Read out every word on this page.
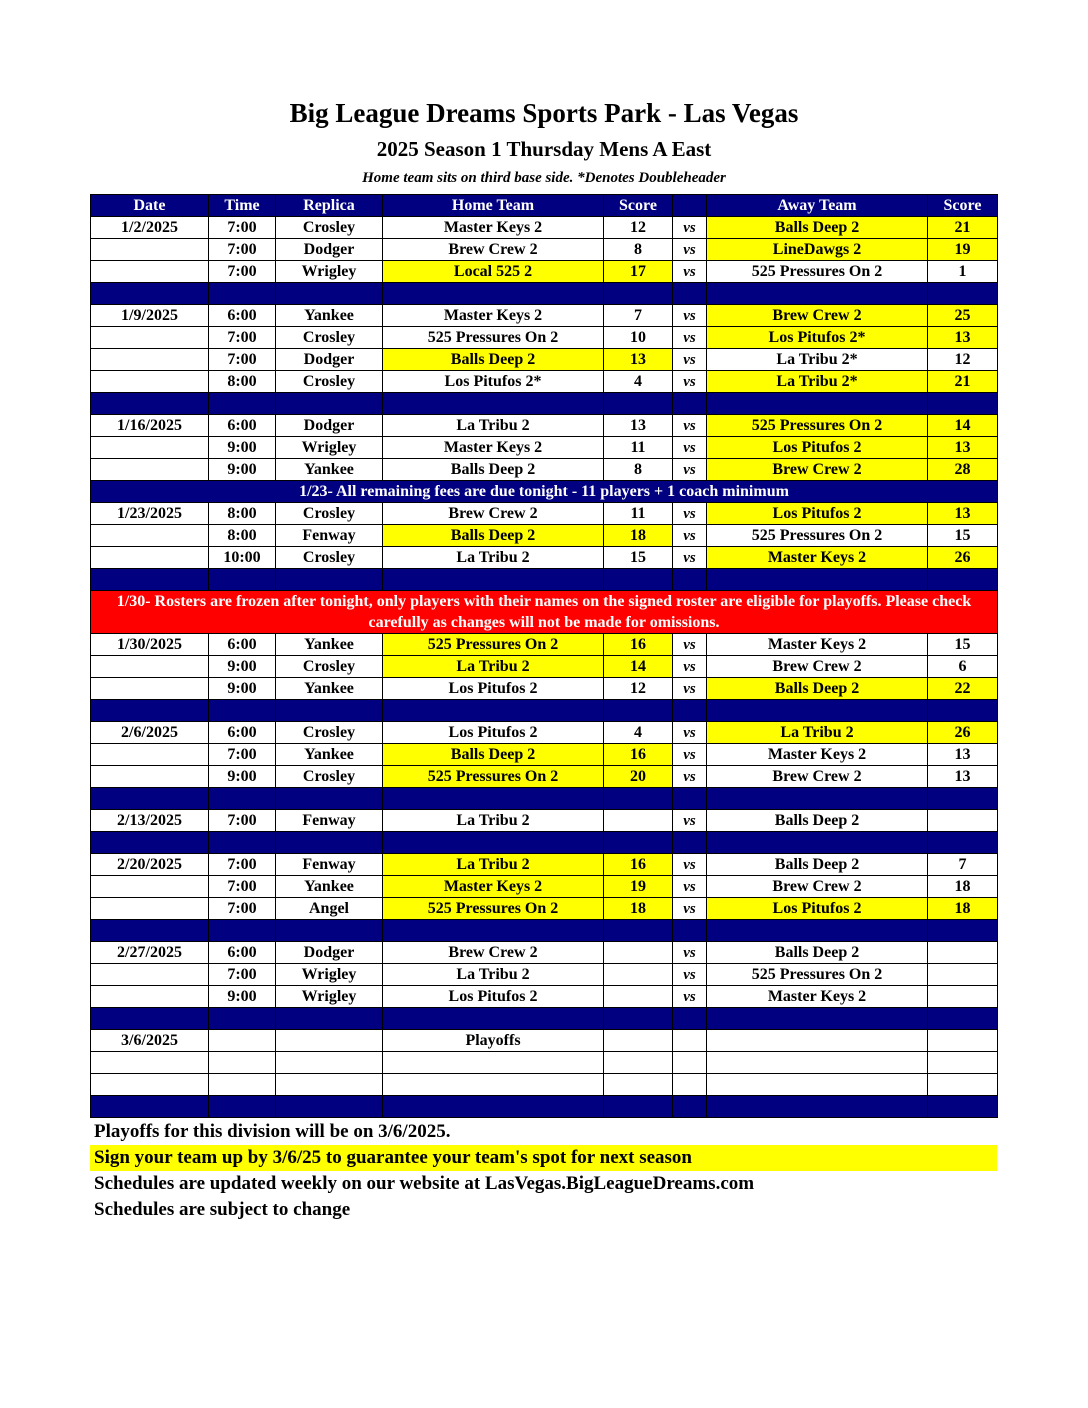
Big League Dreams Sports Park - Las Vegas
2025 Season 1 Thursday Mens A East
Home team sits on third base side. *Denotes Doubleheader
Date	Time	Replica	Home Team	Score		Away Team	Score
1/2/2025	7:00	Crosley	Master Keys 2	12	vs	Balls Deep 2	21
	7:00	Dodger	Brew Crew 2	8	vs	LineDawgs 2	19
	7:00	Wrigley	Local 525 2	17	vs	525 Pressures On 2	1

1/9/2025	6:00	Yankee	Master Keys 2	7	vs	Brew Crew 2	25
	7:00	Crosley	525 Pressures On 2	10	vs	Los Pitufos 2*	13
	7:00	Dodger	Balls Deep 2	13	vs	La Tribu 2*	12
	8:00	Crosley	Los Pitufos 2*	4	vs	La Tribu 2*	21

1/16/2025	6:00	Dodger	La Tribu 2	13	vs	525 Pressures On 2	14
	9:00	Wrigley	Master Keys 2	11	vs	Los Pitufos 2	13
	9:00	Yankee	Balls Deep 2	8	vs	Brew Crew 2	28
1/23- All remaining fees are due tonight - 11 players + 1 coach minimum							
1/23/2025	8:00	Crosley	Brew Crew 2	11	vs	Los Pitufos 2	13
	8:00	Fenway	Balls Deep 2	18	vs	525 Pressures On 2	15
	10:00	Crosley	La Tribu 2	15	vs	Master Keys 2	26

1/30- Rosters are frozen after tonight, only players with their names on the signed roster are eligible for playoffs. Please check carefully as changes will not be made for omissions.							
1/30/2025	6:00	Yankee	525 Pressures On 2	16	vs	Master Keys 2	15
	9:00	Crosley	La Tribu 2	14	vs	Brew Crew 2	6
	9:00	Yankee	Los Pitufos 2	12	vs	Balls Deep 2	22

2/6/2025	6:00	Crosley	Los Pitufos 2	4	vs	La Tribu 2	26
	7:00	Yankee	Balls Deep 2	16	vs	Master Keys 2	13
	9:00	Crosley	525 Pressures On 2	20	vs	Brew Crew 2	13

2/13/2025	7:00	Fenway	La Tribu 2		vs	Balls Deep 2	

2/20/2025	7:00	Fenway	La Tribu 2	16	vs	Balls Deep 2	7
	7:00	Yankee	Master Keys 2	19	vs	Brew Crew 2	18
	7:00	Angel	525 Pressures On 2	18	vs	Los Pitufos 2	18

2/27/2025	6:00	Dodger	Brew Crew 2		vs	Balls Deep 2	
	7:00	Wrigley	La Tribu 2		vs	525 Pressures On 2	
	9:00	Wrigley	Los Pitufos 2		vs	Master Keys 2	

3/6/2025			Playoffs				

Playoffs for this division will be on 3/6/2025.
Sign your team up by 3/6/25 to guarantee your team's spot for next season
Schedules are updated weekly on our website at LasVegas.BigLeagueDreams.com
Schedules are subject to change
